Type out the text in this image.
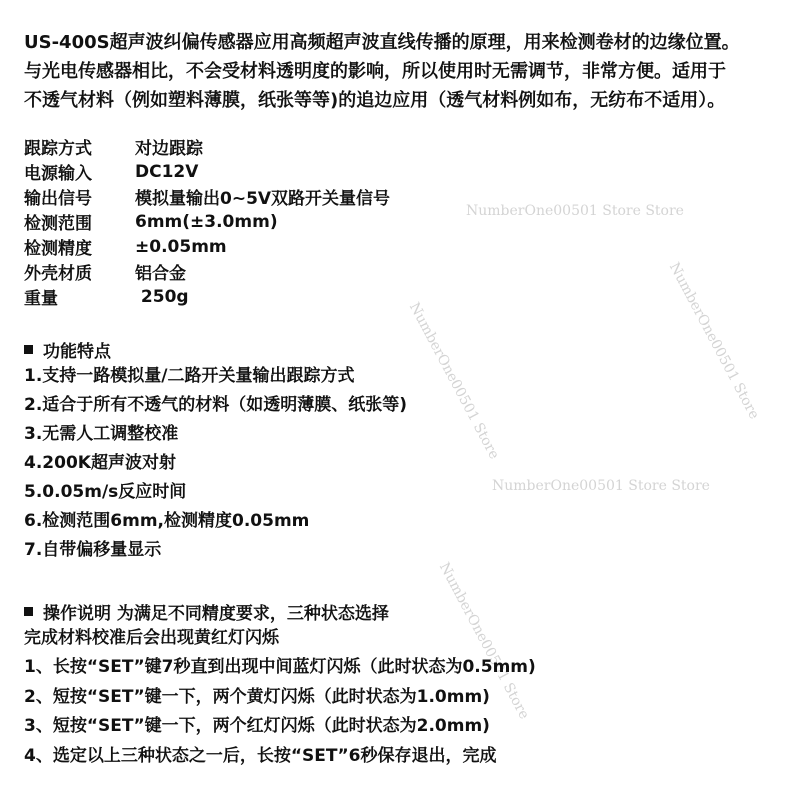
NumberOne00501 Store Store
NumberOne00501 Store Store
NumberOne00501 Store	NumberOne00501 Store
NumberOne00501 Store

US-400S超声波纠偏传感器应用高频超声波直线传播的原理，用来检测卷材的边缘位置。

与光电传感器相比，不会受材料透明度的影响，所以使用时无需调节，非常方便。适用于

不透气材料（例如塑料薄膜，纸张等等)的追边应用（透气材料例如布，无纺布不适用）。

跟踪方式	对边跟踪
电源输入	DC12V
输出信号	模拟量输出0~5V双路开关量信号
检测范围	6mm(±3.0mm)
检测精度	±0.05mm
外壳材质	铝合金
重量	250g
功能特点
1.支持一路模拟量/二路开关量输出跟踪方式
2.适合于所有不透气的材料（如透明薄膜、纸张等)
3.无需人工调整校准
4.200K超声波对射
5.0.05m/s反应时间
6.检测范围6mm,检测精度0.05mm
7.自带偏移量显示
操作说明 为满足不同精度要求，三种状态选择
完成材料校准后会出现黄红灯闪烁
1、长按“SET”键7秒直到出现中间蓝灯闪烁（此时状态为0.5mm)
2、短按“SET”键一下，两个黄灯闪烁（此时状态为1.0mm)
3、短按“SET”键一下，两个红灯闪烁（此时状态为2.0mm)
4、选定以上三种状态之一后，长按“SET”6秒保存退出，完成
